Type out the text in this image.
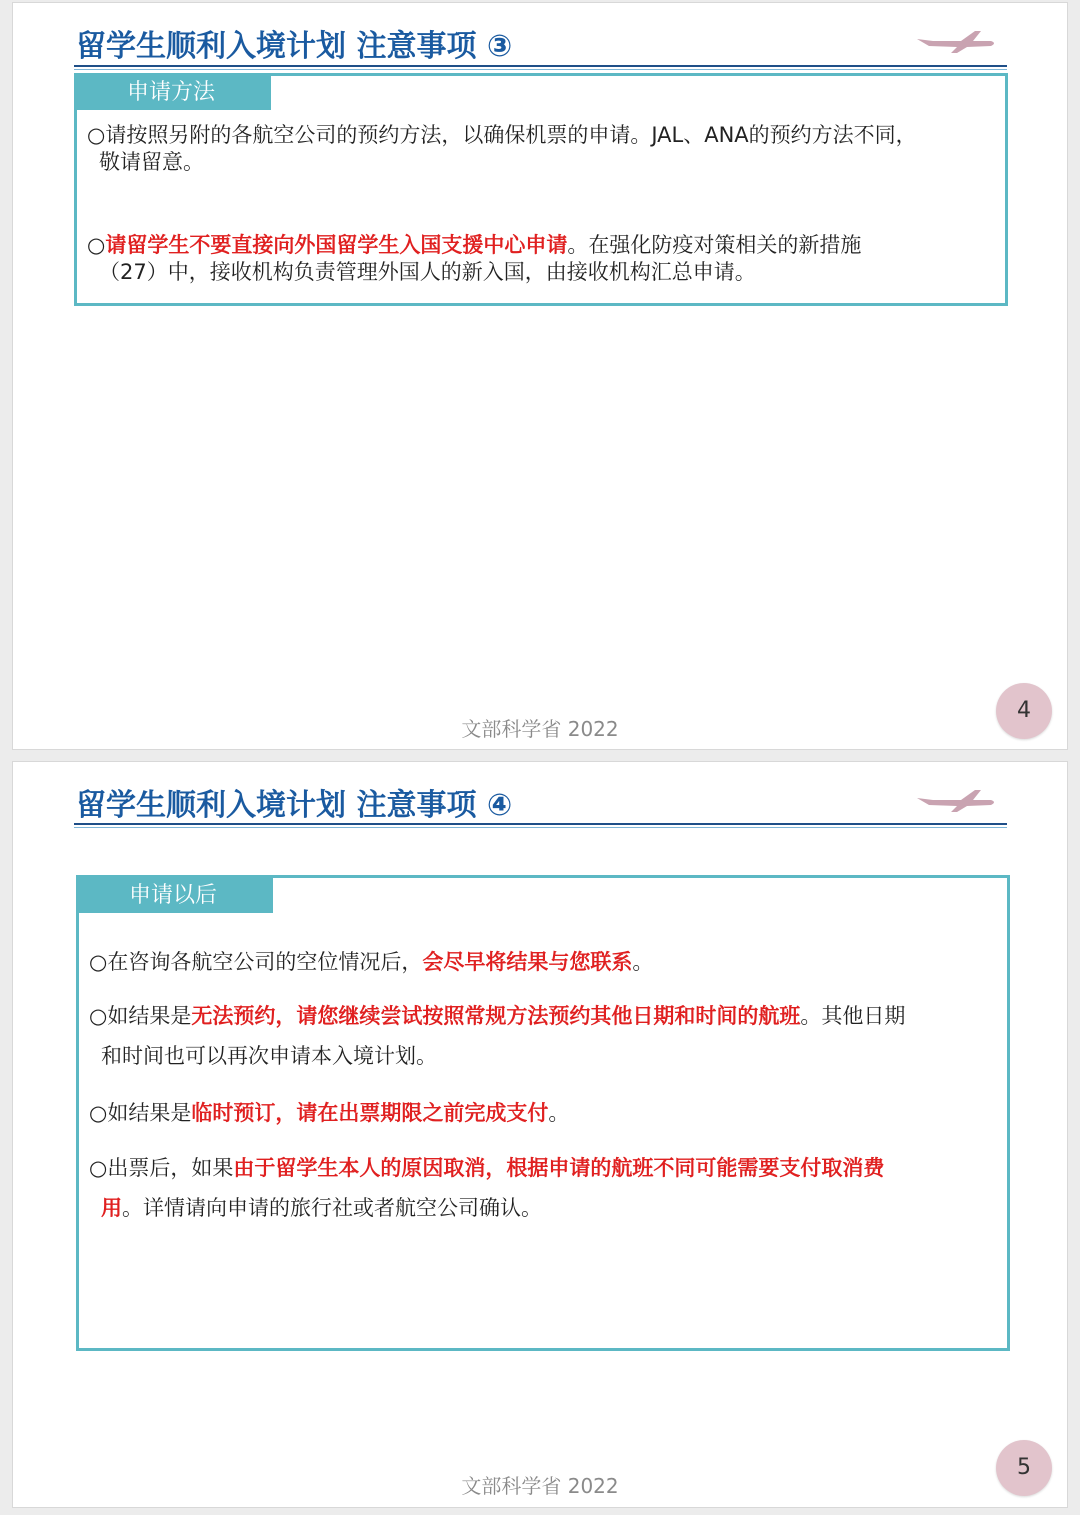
留学生顺利入境计划 注意事项 ③
申请方法
○请按照另附的各航空公司的预约方法，以确保机票的申请。JAL、ANA的预约方法不同，
敬请留意。
○请留学生不要直接向外国留学生入国支援中心申请。在强化防疫对策相关的新措施
（27）中，接收机构负责管理外国人的新入国，由接收机构汇总申请。
文部科学省 2022
4
留学生顺利入境计划 注意事项 ④
申请以后
○在咨询各航空公司的空位情况后，会尽早将结果与您联系。
○如结果是无法预约，请您继续尝试按照常规方法预约其他日期和时间的航班。其他日期
和时间也可以再次申请本入境计划。
○如结果是临时预订，请在出票期限之前完成支付。
○出票后，如果由于留学生本人的原因取消，根据申请的航班不同可能需要支付取消费
用。详情请向申请的旅行社或者航空公司确认。
文部科学省 2022
5
